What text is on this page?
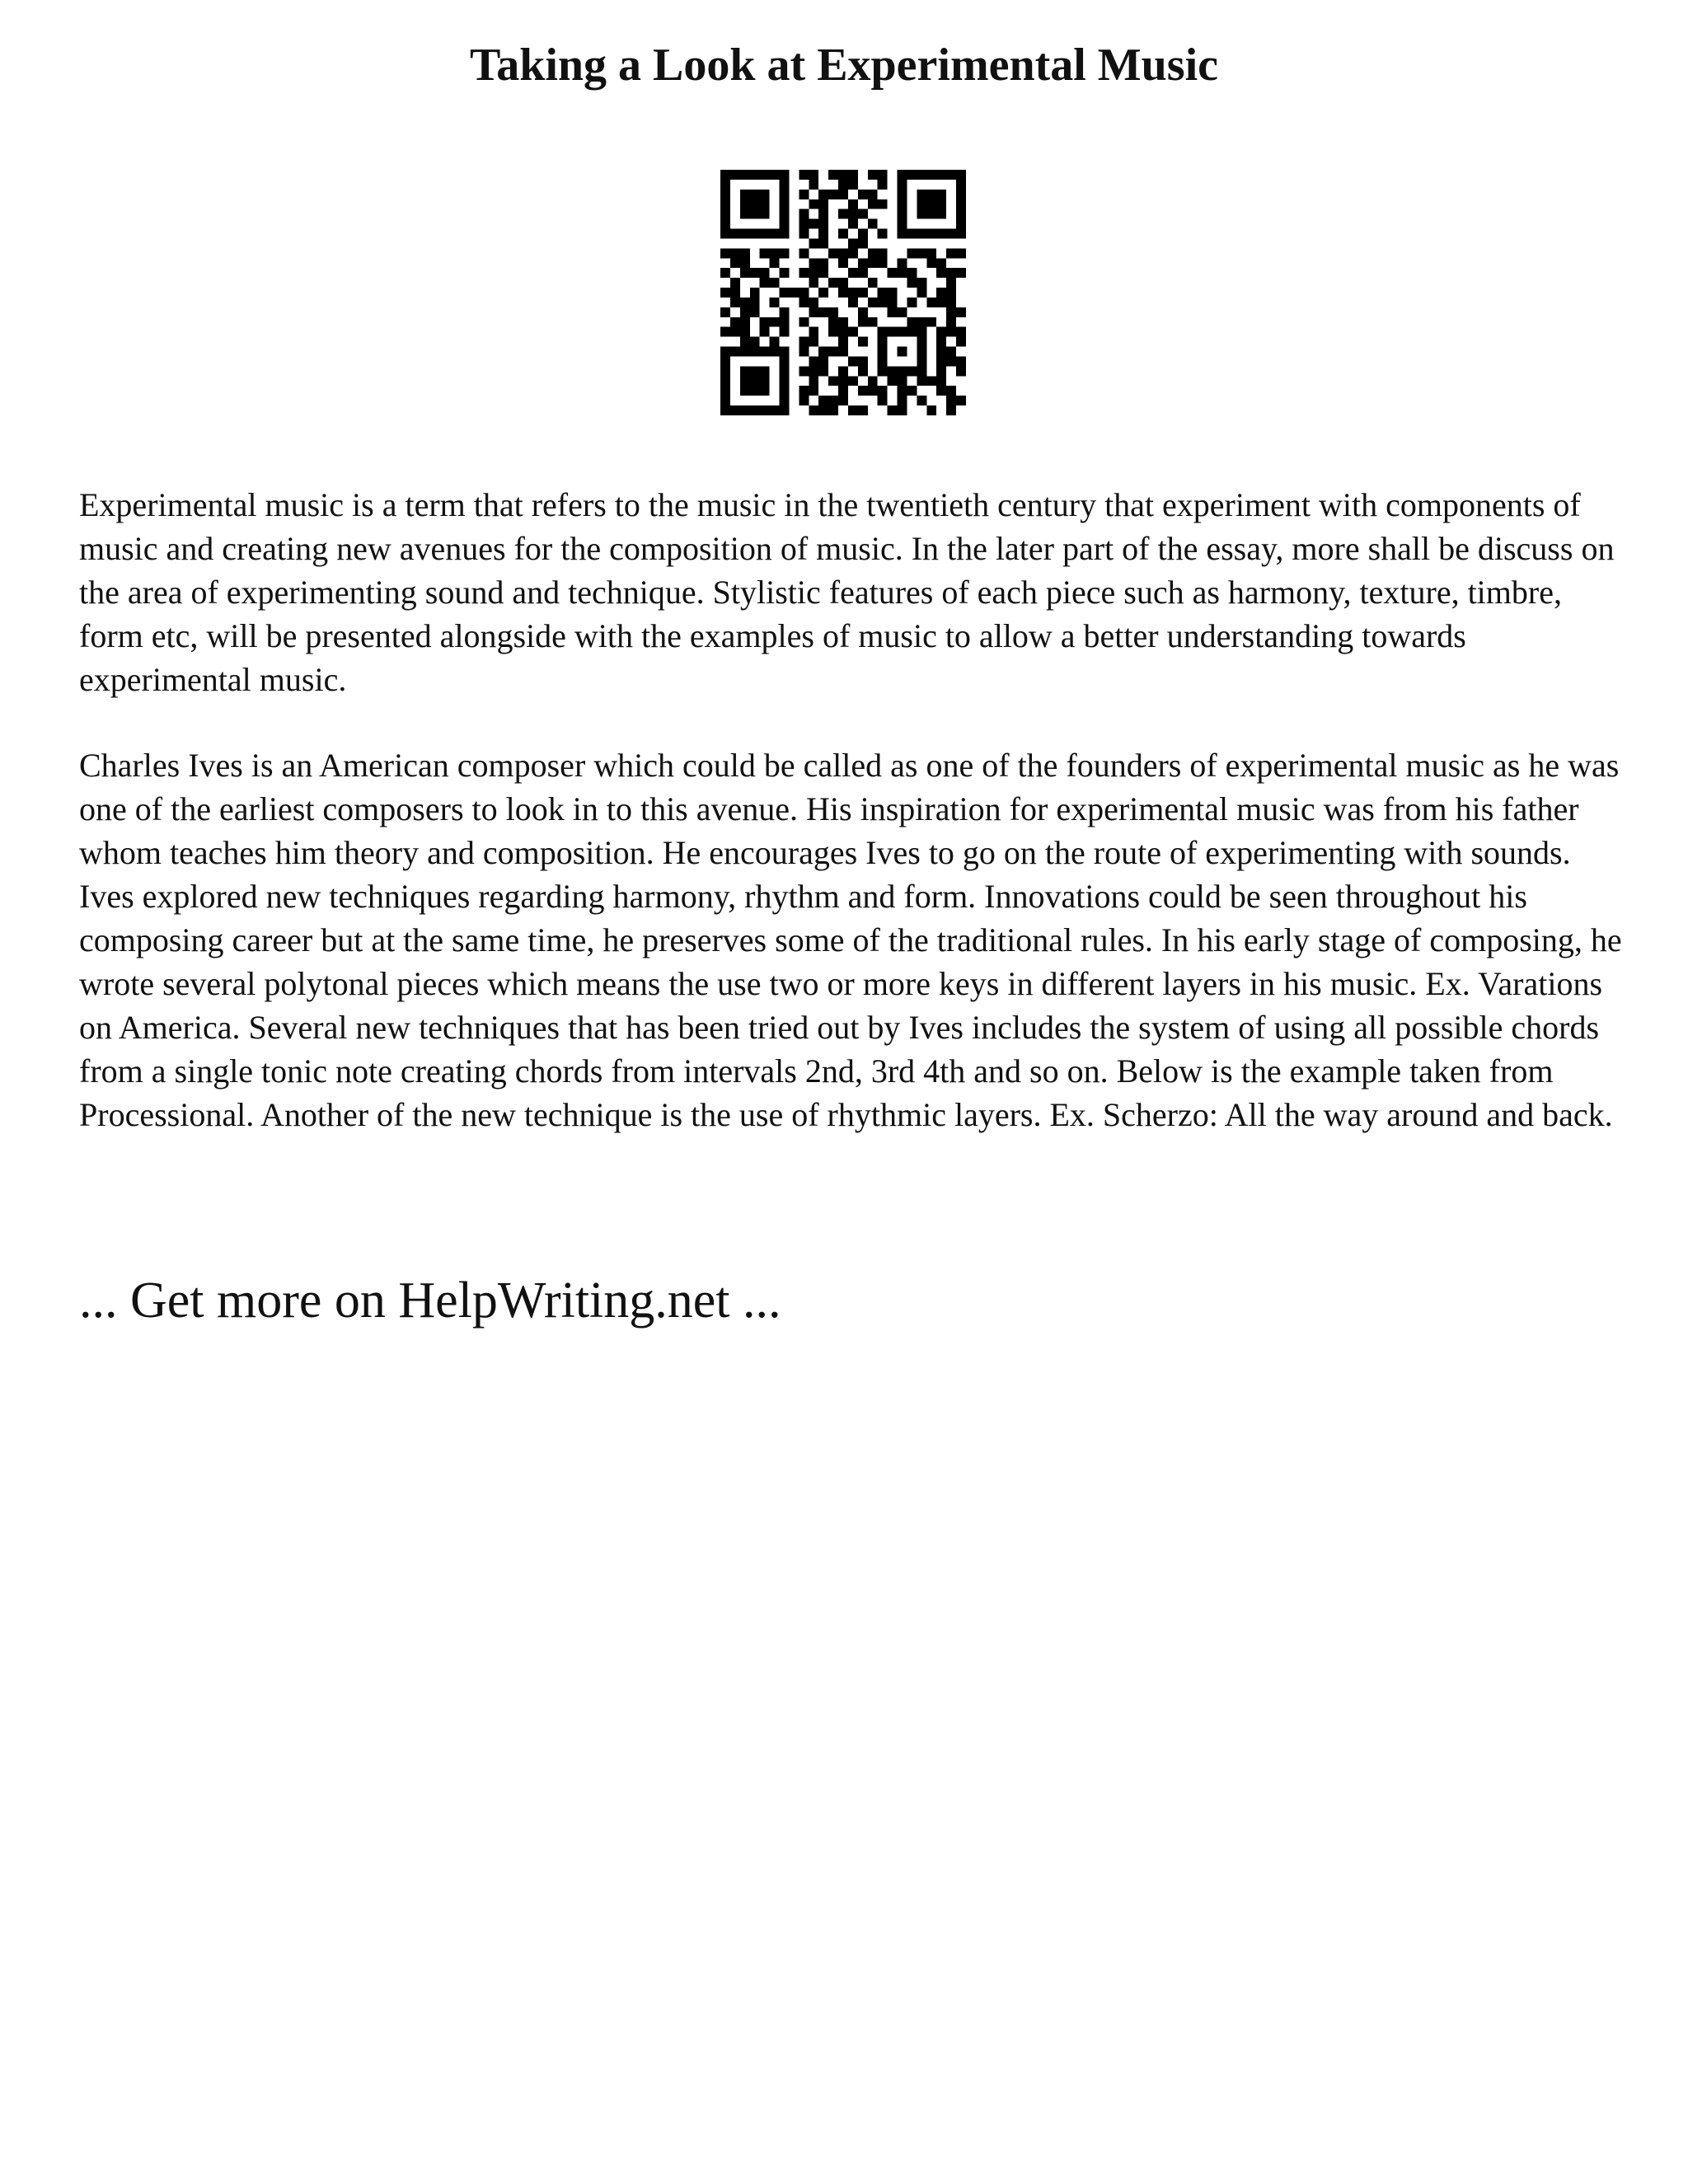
Taking a Look at Experimental Music

Experimental music is a term that refers to the music in the twentieth century that experiment with components of music and creating new avenues for the composition of music. In the later part of the essay, more shall be discuss on the area of experimenting sound and technique. Stylistic features of each piece such as harmony, texture, timbre, form etc, will be presented alongside with the examples of music to allow a better understanding towards experimental music.

Charles Ives is an American composer which could be called as one of the founders of experimental music as he was one of the earliest composers to look in to this avenue. His inspiration for experimental music was from his father whom teaches him theory and composition. He encourages Ives to go on the route of experimenting with sounds. Ives explored new techniques regarding harmony, rhythm and form. Innovations could be seen throughout his composing career but at the same time, he preserves some of the traditional rules. In his early stage of composing, he wrote several polytonal pieces which means the use two or more keys in different layers in his music. Ex. Varations on America. Several new techniques that has been tried out by Ives includes the system of using all possible chords from a single tonic note creating chords from intervals 2nd, 3rd 4th and so on. Below is the example taken from Processional. Another of the new technique is the use of rhythmic layers. Ex. Scherzo: All the way around and back.

... Get more on HelpWriting.net ...
